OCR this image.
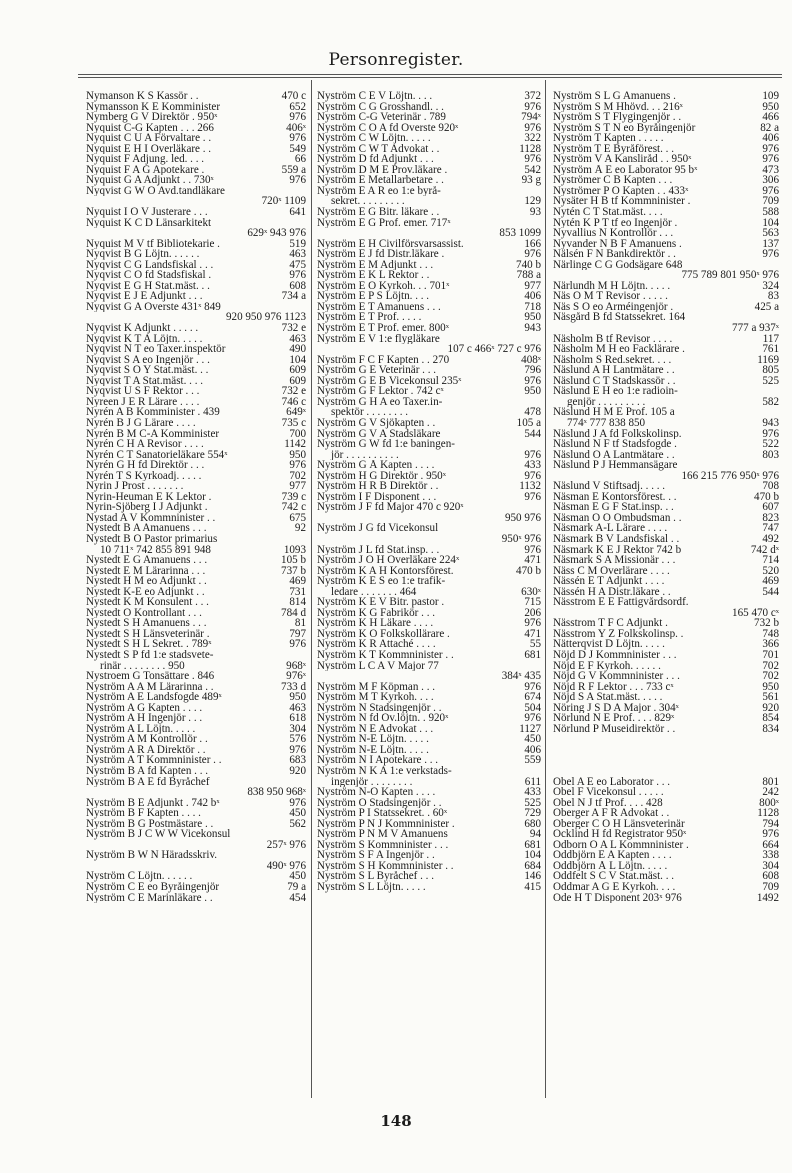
Personregister.
Nymanson K S Kassör . .	470 c
Nymansson K E Komminister	652
Nymberg G V Direktör . 950ˣ	976
Nyquist C-G Kapten . . . 266	406ˣ
Nyquist C U A Förvaltare . .	976
Nyquist E H I Överläkare . .	549
Nyquist F Adjung. led. . . .	66
Nyquist F A G Apotekare .	559 a
Nyquist G A Adjunkt . . 730ˣ	976
Nyqvist G W O Avd.tandläkare
720ˣ 1109
Nyquist I O V Justerare . . .	641
Nyquist K C D Länsarkitekt
629ˣ 943 976
Nyquist M V tf Bibliotekarie .	519
Nyqvist B G Löjtn. . . . . .	463
Nyqvist C G Landsfiskal . . .	475
Nyqvist C O fd Stadsfiskal .	976
Nyqvist E G H Stat.mäst. . .	608
Nyqvist E J E Adjunkt . . .	734 a
Nyqvist G A Överste 431ˣ 849
920 950 976 1123
Nyqvist K Adjunkt . . . . .	732 e
Nyqvist K T A Löjtn. . . . .	463
Nyqvist N T eo Taxer.inspektör	490
Nyqvist S A eo Ingenjör . . .	104
Nyqvist S O Y Stat.mäst. . .	609
Nyqvist T A Stat.mäst. . . .	609
Nyqvist U S F Rektor . . .	732 e
Nyreen J E R Lärare . . . .	746 c
Nyrén A B Komminister . 439	649ˣ
Nyrén B J G Lärare . . . .	735 c
Nyrén B M C-A Komminister	700
Nyrén C H A Revisor . . . .	1142
Nyrén C T Sanatorieläkare 554ˣ	950
Nyrén G H fd Direktör . . .	976
Nyrén T S Kyrkoadj. . . . .	702
Nyrin J Prost . . . . . . .	977
Nyrin-Heuman E K Lektor .	739 c
Nyrin-Sjöberg I J Adjunkt .	742 c
Nystad A V Kommninister . .	675
Nystedt B A Amanuens . . .	92
Nystedt B O Pastor primarius
10 711ˣ 742 855 891 948	1093
Nystedt E G Amanuens . . .	105 b
Nystedt E M Lärarinna . . .	737 b
Nystedt H M eo Adjunkt . .	469
Nystedt K-E eo Adjunkt . .	731
Nystedt K M Konsulent . . .	814
Nystedt O Kontrollant . . .	784 d
Nystedt S H Amanuens . . .	81
Nystedt S H Länsveterinär .	797
Nystedt S H L Sekret. . 789ˣ	976
Nystedt S P fd 1:e stadsvete-
rinär . . . . . . . . 950	968ˣ
Nystroem G Tonsättare . 846	976ˣ
Nyström A A M Lärarinna . .	733 d
Nyström A E Landsfogde 489ˣ	950
Nyström A G Kapten . . . .	463
Nyström A H Ingenjör . . .	618
Nyström A L Löjtn. . . . .	304
Nyström A M Kontrollör . .	576
Nyström A R A Direktör . .	976
Nyström A T Kommninister . .	683
Nyström B A fd Kapten . . .	920
Nyström B A E fd Byråchef
838 950 968ˣ
Nyström B E Adjunkt . 742 bˣ	976
Nyström B F Kapten . . . .	450
Nyström B G Postmästare . .	562
Nyström B J C W W Vicekonsul
257ˣ 976
Nyström B W N Häradsskriv.
490ˣ 976
Nyström C Löjtn. . . . . .	450
Nyström C E eo Byråingenjör	79 a
Nyström C E Marinläkare . .	454
Nyström C E V Löjtn. . . .	372
Nyström C G Grosshandl. . .	976
Nyström C-G Veterinär . 789	794ˣ
Nyström C O A fd Överste 920ˣ	976
Nyström C W Löjtn. . . . .	322
Nyström C W T Advokat . .	1128
Nyström D fd Adjunkt . . .	976
Nyström D M E Prov.läkare .	542
Nyström E Metallarbetare . .	93 g
Nyström E A R eo 1:e byrå-
sekret. . . . . . . . .	129
Nyström E G Bitr. läkare . .	93
Nyström E G Prof. emer. 717ˣ
853 1099
Nyström E H Civilförsvarsassist.	166
Nyström E J fd Distr.läkare .	976
Nyström E M Adjunkt . . .	740 b
Nyström E K L Rektor . .	788 a
Nyström E O Kyrkoh. . . 701ˣ	977
Nyström E P S Löjtn. . . .	406
Nyström E T Amanuens . . .	718
Nyström E T Prof. . . . .	950
Nyström E T Prof. emer. 800ˣ	943
Nyström E V 1:e flygläkare
107 c 466ˣ 727 c 976
Nyström F C F Kapten . . 270	408ˣ
Nyström G E Veterinär . . .	796
Nyström G E B Vicekonsul 235ˣ	976
Nyström G F Lektor . 742 cˣ	950
Nyström G H A eo Taxer.in-
spektör . . . . . . . .	478
Nyström G V Sjökapten . .	105 a
Nyström G V A Stadsläkare	544
Nyström G W fd 1:e baningen-
jör . . . . . . . . . .	976
Nyström G Å Kapten . . . .	433
Nyström H G Direktör . 950ˣ	976
Nyström H R B Direktör . .	1132
Nyström I F Disponent . . .	976
Nyström J F fd Major 470 c 920ˣ
950 976
Nyström J G fd Vicekonsul
950ˣ 976
Nyström J L fd Stat.insp. . .	976
Nyström J O H Överläkare 224ˣ	471
Nyström K A H Kontorsförest.	470 b
Nyström K E S eo 1:e trafik-
ledare . . . . . . . 464	630ˣ
Nyström K E V Bitr. pastor .	715
Nyström K G Fabrikör . . .	206
Nyström K H Läkare . . . .	976
Nyström K O Folkskollärare .	471
Nyström K R Attaché . . . .	55
Nyström K T Kommninister . .	681
Nyström L C A V Major 77
384ˣ 435
Nyström M F Köpman . . .	976
Nyström M T Kyrkoh. . . .	674
Nyström N Stadsingenjör . .	504
Nyström N fd Öv.löjtn. . 920ˣ	976
Nyström N E Advokat . . .	1127
Nyström N-E Löjtn. . . . .	450
Nyström N-E Löjtn. . . . .	406
Nyström N I Apotekare . . .	559
Nyström N K A 1:e verkstads-
ingenjör . . . . . . . .	611
Nyström N-O Kapten . . . .	433
Nyström O Stadsingenjör . .	525
Nyström P I Statssekret. . 60ˣ	729
Nyström P N J Kommninister .	680
Nyström P N M V Amanuens	94
Nyström S Kommninister . . .	681
Nyström S F A Ingenjör . .	104
Nyström S H Kommninister . .	684
Nyström S L Byråchef . . .	146
Nyström S L Löjtn. . . . .	415
Nyström S L G Amanuens .	109
Nyström S M Hhövd. . . 216ˣ	950
Nyström S T Flygingenjör . .	466
Nyström S T N eo Byråingenjör	82 a
Nyström T Kapten . . . . .	406
Nyström T E Byråförest. . .	976
Nyström V A Kansliråd . . 950ˣ	976
Nyström Å E eo Laborator 95 bˣ	473
Nyströmer C B Kapten . . .	306
Nyströmer P O Kapten . . 433ˣ	976
Nysäter H B tf Kommninister .	709
Nytén C T Stat.mäst. . . .	588
Nytén K P T tf eo Ingenjör .	104
Nyvallius N Kontrollör . . .	563
Nyvander N B F Amanuens .	137
Nälsén F N Bankdirektör . .	976
Närlinge C G Godsägare 648
775 789 801 950ˣ 976
Närlundh M H Löjtn. . . . .	324
Näs O M T Revisor . . . . .	83
Näs S O eo Arméingenjör .	425 a
Näsgård B fd Statssekret. 164
777 a 937ˣ
Näsholm B tf Revisor . . . .	117
Näsholm M H eo Facklärare .	761
Näsholm S Red.sekret. . . .	1169
Näslund A H Lantmätare . .	805
Näslund C T Stadskassör . .	525
Näslund E H eo 1:e radioin-
genjör . . . . . . . . .	582
Näslund H M E Prof. 105 a
774ˣ 777 838 850	943
Näslund J A fd Folkskolinsp.	976
Näslund N F tf Stadsfogde .	522
Näslund O A Lantmätare . .	803
Näslund P J Hemmansägare
166 215 776 950ˣ 976
Näslund V Stiftsadj. . . . .	708
Näsman E Kontorsförest. . .	470 b
Näsman E G F Stat.insp. . .	607
Näsman O O Ombudsman . .	823
Näsmark A-L Lärare . . . .	747
Näsmark B V Landsfiskal . .	492
Näsmark K E J Rektor 742 b	742 dˣ
Näsmark S A Missionär . . .	714
Näss C M Överlärare . . . .	520
Nässén E T Adjunkt . . . .	469
Nässén H A Distr.läkare . .	544
Nässtrom E E Fattigvårdsordf.
165 470 cˣ
Nässtrom T F C Adjunkt .	732 b
Nässtrom Y Z Folkskolinsp. .	748
Nätterqvist D Löjtn. . . . .	366
Nöjd D J Kommninister . . .	701
Nöjd E F Kyrkoh. . . . . .	702
Nöjd G V Kommninister . . .	702
Nöjd R F Lektor . . . 733 cˣ	950
Nöjd S A Stat.mäst. . . . .	561
Nöring J S D A Major . 304ˣ	920
Nörlund N E Prof. . . . 829ˣ	854
Nörlund P Museidirektör . .	834
Obel A E eo Laborator . . .	801
Obel F Vicekonsul . . . . .	242
Obel N J tf Prof. . . . 428	800ˣ
Oberger A F R Advokat . .	1128
Oberger C O H Länsveterinär	794
Ocklind H fd Registrator 950ˣ	976
Odborn O A L Kommninister .	664
Oddbjörn E A Kapten . . . .	338
Oddbjörn Å L Löjtn. . . . .	304
Oddfelt S C V Stat.mäst. . .	608
Oddmar A G E Kyrkoh. . . .	709
Ode H T Disponent 203ˣ 976	1492
148
